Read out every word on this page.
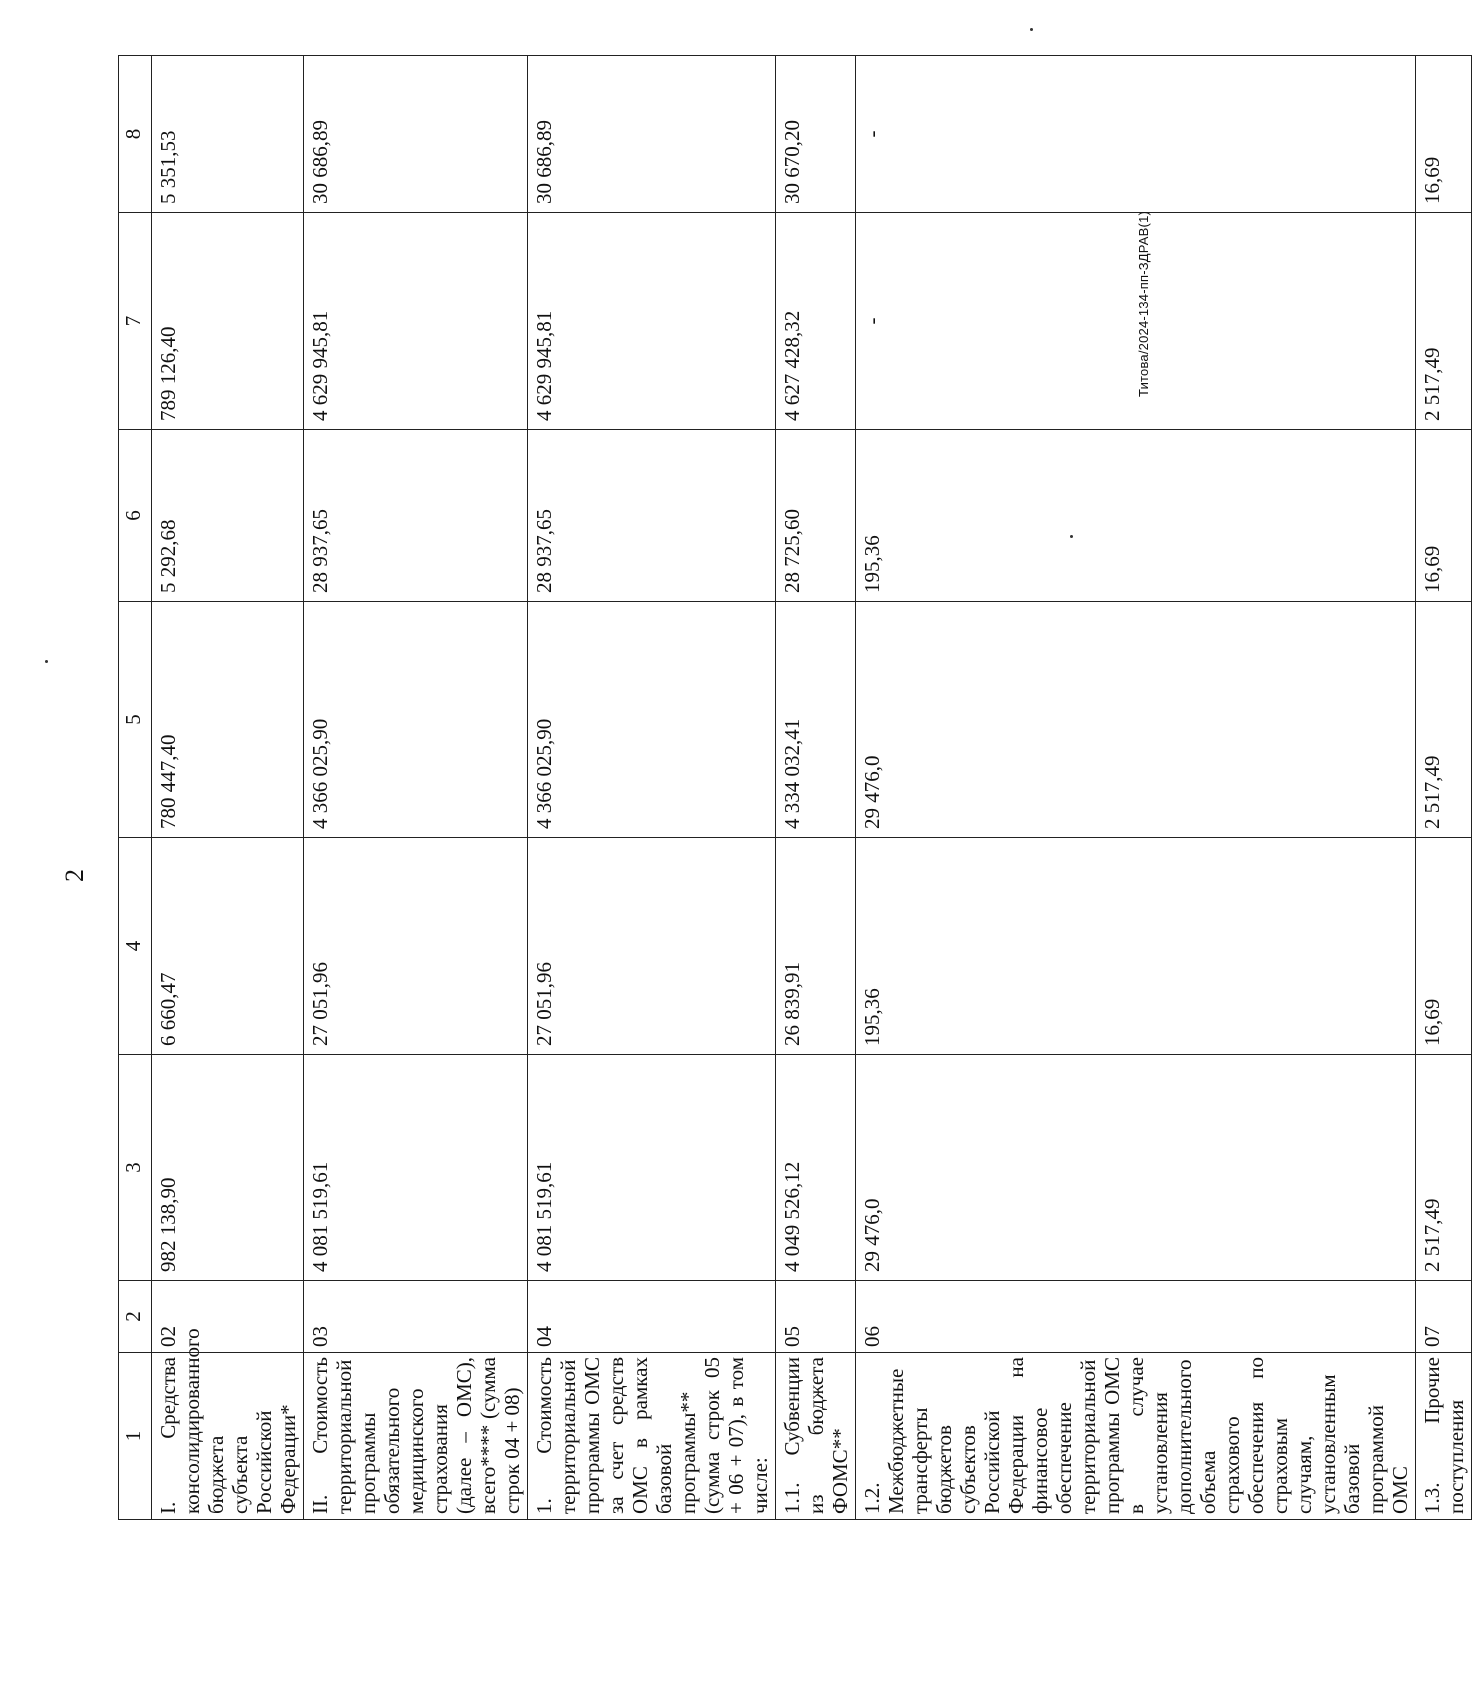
2
1	2	3	4	5	6	7	8
I. Средства консолидированного бюджета субъекта Российской Федерации*	02	982 138,90	6 660,47	780 447,40	5 292,68	789 126,40	5 351,53
II. Стоимость территориальной программы обязательного медицинского страхования (далее – ОМС), всего**** (сумма строк 04 + 08)	03	4 081 519,61	27 051,96	4 366 025,90	28 937,65	4 629 945,81	30 686,89
1. Стоимость территориальной программы ОМС за счет средств ОМС в рамках базовой программы** (сумма строк 05 + 06 + 07), в том числе:	04	4 081 519,61	27 051,96	4 366 025,90	28 937,65	4 629 945,81	30 686,89
1.1. Субвенции из бюджета ФОМС**	05	4 049 526,12	26 839,91	4 334 032,41	28 725,60	4 627 428,32	30 670,20
1.2. Межбюджетные трансферты бюджетов субъектов Российской Федерации на финансовое обеспечение территориальной программы ОМС в случае установления дополнительного объема страхового обеспечения по страховым случаям, установленным базовой программой ОМС	06	29 476,0	195,36	29 476,0	195,36	-	-
1.3. Прочие поступления	07	2 517,49	16,69	2 517,49	16,69	2 517,49	16,69
Титова/2024-134-пп-ЗДРАВ(1)
